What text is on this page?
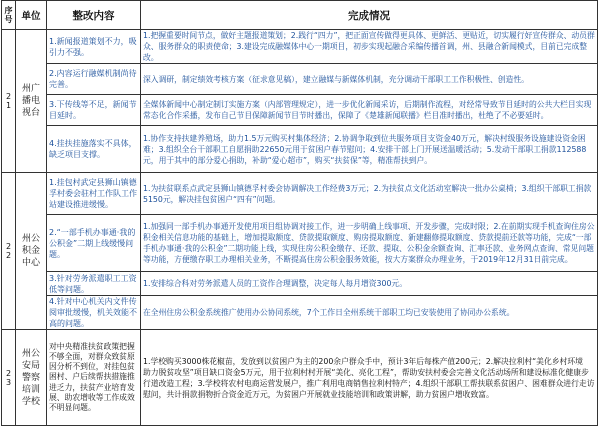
序号	单位	整改内容	完成情况
21	州广播电视台	1.新闻报道策划不力，吸引力不强。	1.把握重要时间节点，做好主题报道策划；2.践行“四力”，把正面宣传做得更具体、更鲜活、更贴近，切实履行好宣传群众、动员群众、服务群众的职责使命；3.建设完成融媒体中心一期项目，初步实现起融合采编传播首调，州、县融合新闻模式，目前已完成整改。
		2.内容运行融媒机制尚待完善。	深入调研，制定绩效考核方案（征求意见稿），建立融媒与新媒体机制，充分调动干部职工工作积极性、创造性。
		3.下传线等不足，新闻节目延时。	全媒体新闻中心制定制订实施方案（内部管理规定），进一步优化新闻采访，后期制作流程，对经常导致节目延时的公共大栏目实现常态化合作采播，发布自己节目保障新闻节目节时播出，保障了《楚雄新闻联播》栏目准时播出，杜绝了不必要延时。
		4.挂扶挂施落实不具体，缺乏项目支撑。	1.协作支持扶建养殖场，助力1.5万元购买村集体经济；2.协调争取到位共服务项目支资金40万元，解决村级服务设施建设资金困难；3.组织全台干部职工自愿捐助22650元用于贫困户春节慰问；4.安排干部上门开展送温暖活动；5.发动干部职工捐款112588元，用于其中的部分爱心捐助，补助“爱心超市”，购买“扶贫保”等，精准帮扶到户。
22	州公积金中心	1.挂包村武定县狮山镇德孚村委会驻村工作队工作站建设推进缓慢。	1.为扶贫联系点武定县狮山镇德孚村委会协调解决工作经费3万元；2.为扶贫点文化活动室解决一批办公桌椅；3.组织干部职工捐款5150元，解决挂包贫困户“四有”问题。
		2.“一部手机办事通·我的公积金”二期上线缓慢问题。	1.加强同一部手机办事通开发使用项目组协调对接工作，进一步明确上线事项、开发步骤，完成时限；2.在前期实现手机查询住房公积金相关信息功能的基础上，增加提取额度、贷款提取额度、购房提取额度、新建翻修提取额度、贷款提前还款等功能，完成“一部手机办事通·我的公积金”二期功能上线，实现住房公积金缴存、还款、提取、公积金余额查询、汇率还款、业务网点查询、常见问题等功能，方便缴存职工办理相关业务，不断提高住房公积金服务效能，按大方案群众办理业务，于2019年12月31日前完成。
		3.针对劳务派遣职工工资低等问题。	1.安排综合科对劳务派遣人员的工资作合理调整，决定每人每月增资300元。
		4.针对中心机关内文件传阅审批缓慢，机关效能不高的问题。	在全州住房公积金系统推广使用办公协同系统，7个工作日全州系统干部职工均已安装使用了协同办公系统。
23	州公安局警察培训学校	对中央精准扶贫政策把握不够全面，对群众致贫原因分析不到位，对挂包贫困村、户后续帮扶措施推进乏力，扶贫产业培育发展、助农增收等工作成效不明显问题。	1.学校购买3000株花椒苗，发放到以贫困户为主的200余户群众手中，预计3年后每株产值200元；2.解决拉利村“美化乡村环境　助力脱贫攻坚”项目缺口资金5万元，用于拉利村村开展“美化、亮化工程”，帮助安扶村委会完善文化活动场所和建设标准化健康步行道改造工程；3.学校将农村电商运营发展户，推广利用电商销售拉利村特产；4.组织干部职工帮扶联系贫困户、困难群众进行走访慰问，共计捐款捐物折合资金近万元，为贫困户开展就业技能培训和政策讲解，助力贫困户增收致富。
